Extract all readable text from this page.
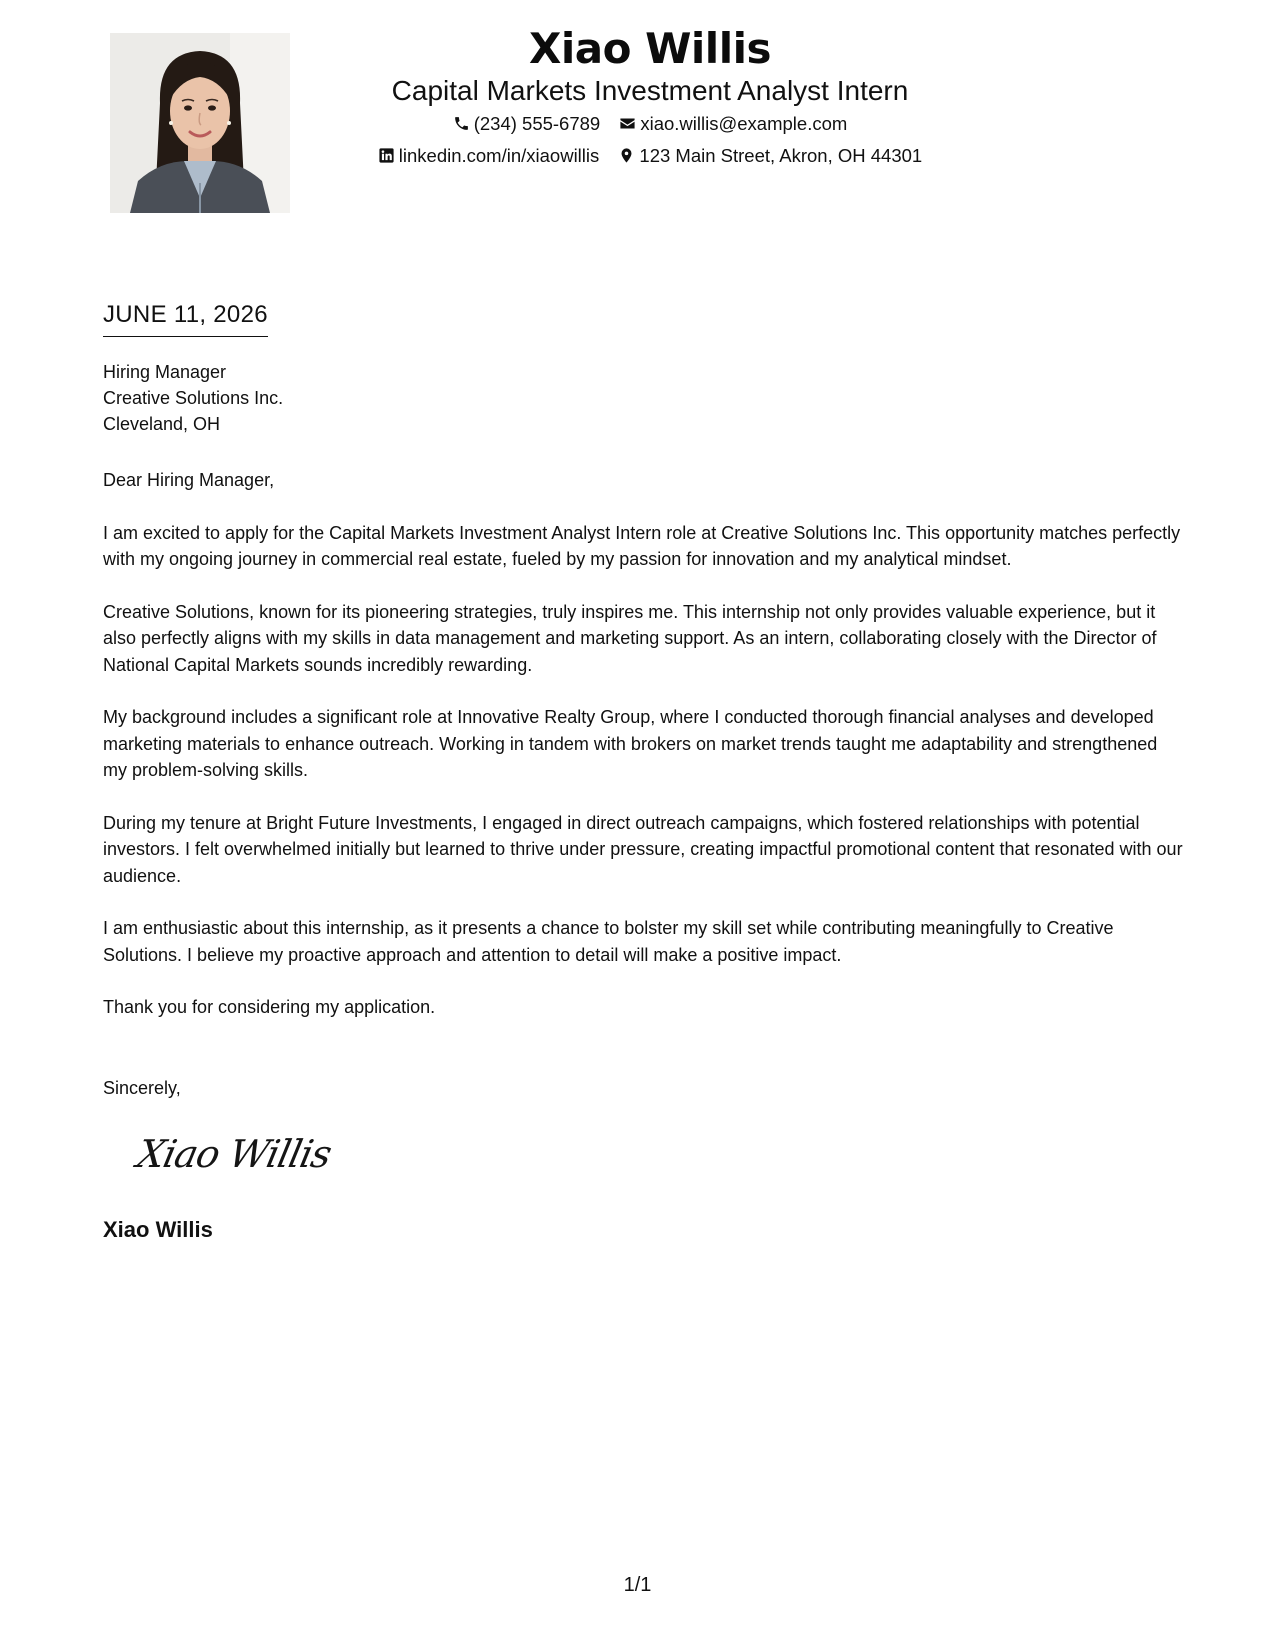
Xiao Willis
Capital Markets Investment Analyst Intern
(234) 555-6789 xiao.willis@example.com
linkedin.com/in/xiaowillis 123 Main Street, Akron, OH 44301
JUNE 11, 2026
Hiring Manager
Creative Solutions Inc.
Cleveland, OH

Dear Hiring Manager,

I am excited to apply for the Capital Markets Investment Analyst Intern role at Creative Solutions Inc. This opportunity matches perfectly with my ongoing journey in commercial real estate, fueled by my passion for innovation and my analytical mindset.

Creative Solutions, known for its pioneering strategies, truly inspires me. This internship not only provides valuable experience, but it also perfectly aligns with my skills in data management and marketing support. As an intern, collaborating closely with the Director of National Capital Markets sounds incredibly rewarding.

My background includes a significant role at Innovative Realty Group, where I conducted thorough financial analyses and developed marketing materials to enhance outreach. Working in tandem with brokers on market trends taught me adaptability and strengthened my problem-solving skills.

During my tenure at Bright Future Investments, I engaged in direct outreach campaigns, which fostered relationships with potential investors. I felt overwhelmed initially but learned to thrive under pressure, creating impactful promotional content that resonated with our audience.

I am enthusiastic about this internship, as it presents a chance to bolster my skill set while contributing meaningfully to Creative Solutions. I believe my proactive approach and attention to detail will make a positive impact.

Thank you for considering my application.

Sincerely,
Xiao Willis
Xiao Willis
1/1
